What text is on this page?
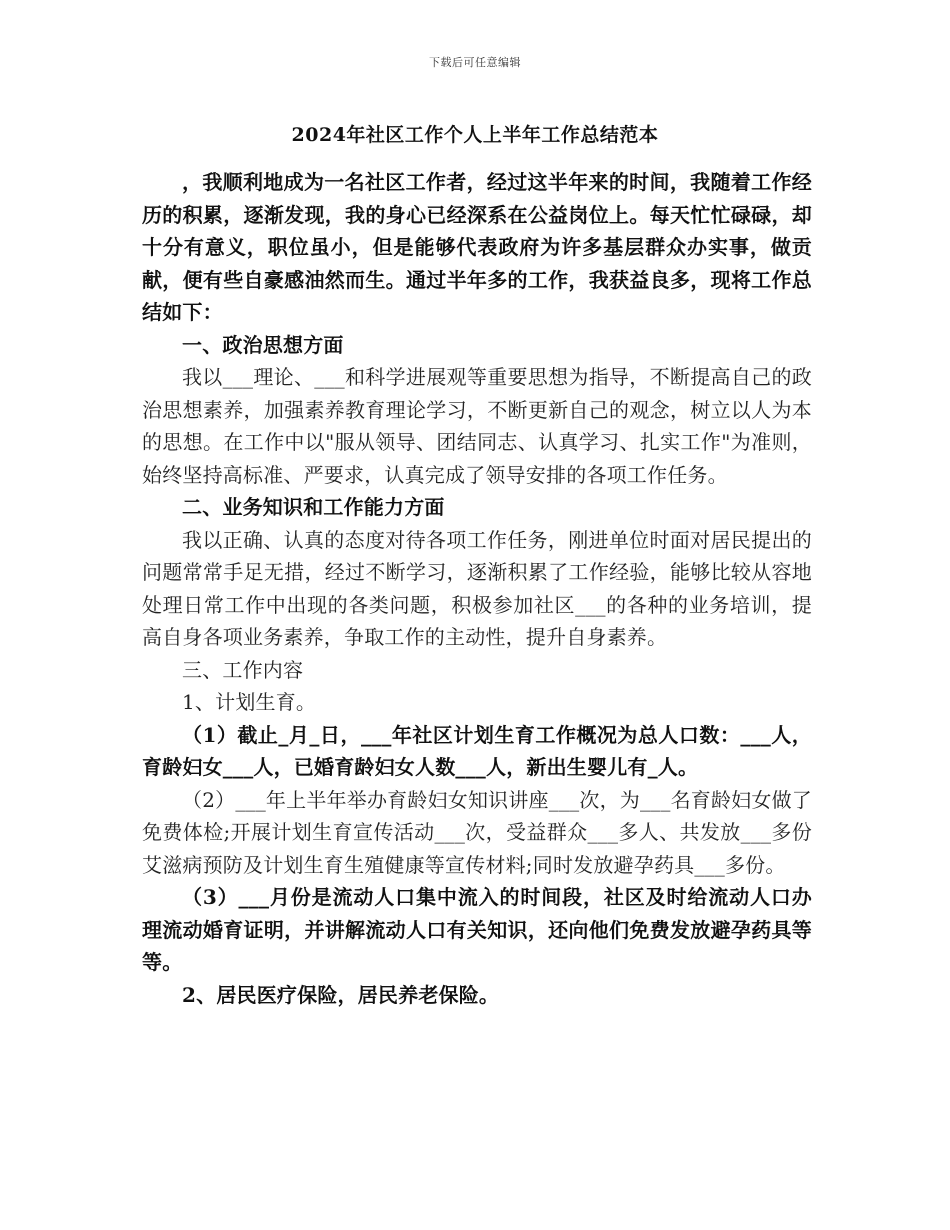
下载后可任意编辑
2024年社区工作个人上半年工作总结范本

，我顺利地成为一名社区工作者，经过这半年来的时间，我随着工作经历的积累，逐渐发现，我的身心已经深系在公益岗位上。每天忙忙碌碌，却十分有意义，职位虽小，但是能够代表政府为许多基层群众办实事，做贡献，便有些自豪感油然而生。通过半年多的工作，我获益良多，现将工作总结如下：

一、政治思想方面

我以___理论、___和科学进展观等重要思想为指导，不断提高自己的政治思想素养，加强素养教育理论学习，不断更新自己的观念，树立以人为本的思想。在工作中以"服从领导、团结同志、认真学习、扎实工作"为准则，始终坚持高标准、严要求，认真完成了领导安排的各项工作任务。

二、业务知识和工作能力方面

我以正确、认真的态度对待各项工作任务，刚进单位时面对居民提出的问题常常手足无措，经过不断学习，逐渐积累了工作经验，能够比较从容地处理日常工作中出现的各类问题，积极参加社区___的各种的业务培训，提高自身各项业务素养，争取工作的主动性，提升自身素养。

三、工作内容

1、计划生育。

（1）截止_月_日，___年社区计划生育工作概况为总人口数：___人，育龄妇女___人，已婚育龄妇女人数___人，新出生婴儿有_人。

（2）___年上半年举办育龄妇女知识讲座___次，为___名育龄妇女做了免费体检;开展计划生育宣传活动___次，受益群众___多人、共发放___多份艾滋病预防及计划生育生殖健康等宣传材料;同时发放避孕药具___多份。

（3）___月份是流动人口集中流入的时间段，社区及时给流动人口办理流动婚育证明，并讲解流动人口有关知识，还向他们免费发放避孕药具等等。

2、居民医疗保险，居民养老保险。
